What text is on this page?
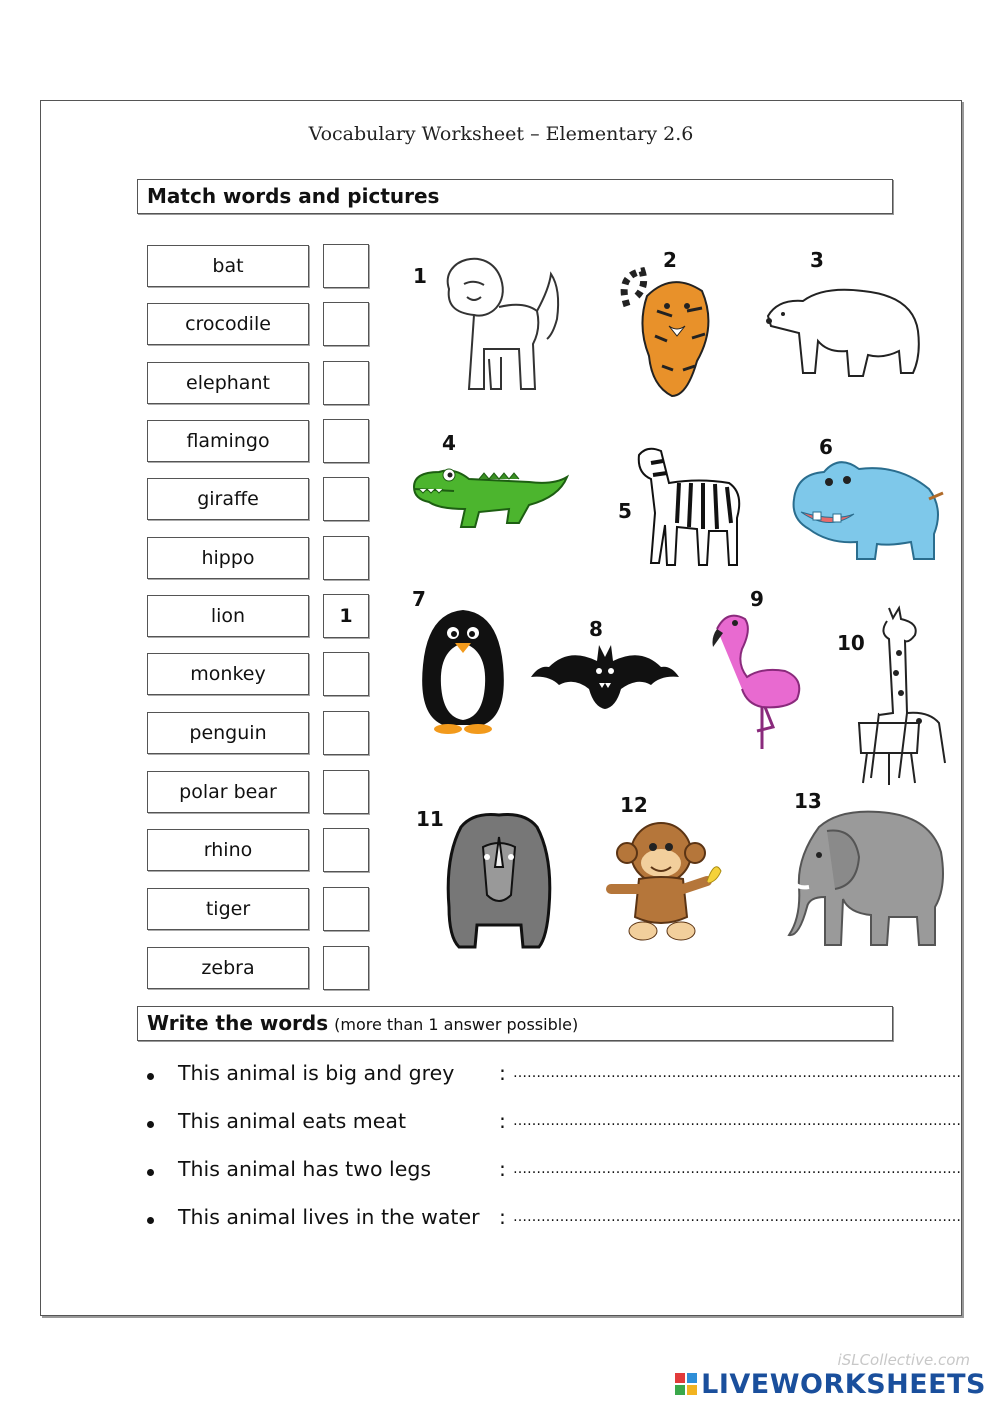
Vocabulary Worksheet – Elementary 2.6
Match words and pictures
bat
crocodile
elephant
flamingo
giraffe
hippo
lion	1
monkey
penguin
polar bear
rhino
tiger
zebra
1
2	3
4
5
6
7
8
9
10
11
12	13
Write the words (more than 1 answer possible)
This animal is big and grey : ……………………………………………………………………………………
This animal eats meat	: ……………………………………………………………………………………
This animal has two legs	: ……………………………………………………………………………………
This animal lives in the water : ……………………………………………………………………………………
iSLCollective.com
LIVEWORKSHEETS
